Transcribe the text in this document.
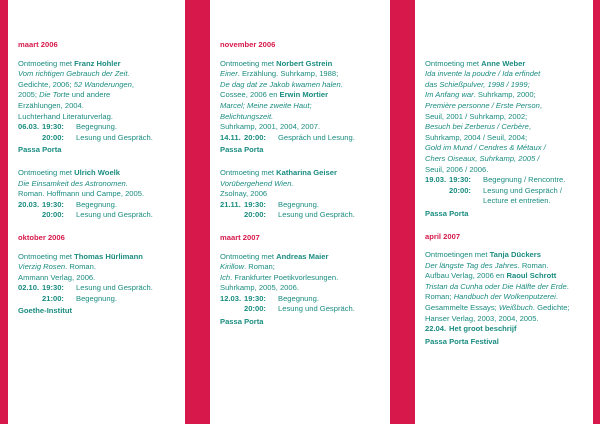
maart 2006
Ontmoeting met Franz Hohler
Vom richtigen Gebrauch der Zeit.
Gedichte, 2006; 52 Wanderungen,
2005; Die Torte und andere
Erzählungen, 2004.
Luchterhand Literaturverlag.
06.03. 19:30:	Begegnung.
20:00:	Lesung und Gespräch.
Passa Porta
Ontmoeting met Ulrich Woelk
Die Einsamkeit des Astronomen.
Roman. Hoffmann und Campe, 2005.
20.03. 19:30:	Begegnung.
20:00:	Lesung und Gespräch.
oktober 2006
Ontmoeting met Thomas Hürlimann
Vierzig Rosen. Roman.
Ammann Verlag, 2006.
02.10. 19:30:	Lesung und Gespräch.
21:00:	Begegnung.
Goethe-Institut
november 2006
Ontmoeting met Norbert Gstrein
Einer. Erzählung. Suhrkamp, 1988;
De dag dat ze Jakob kwamen halen.
Cossee, 2006 en Erwin Mortier
Marcel; Meine zweite Haut;
Belichtungszeit.
Suhrkamp, 2001, 2004, 2007.
14.11. 20:00:	Gesprách und Lesung.
Passa Porta
Ontmoeting met Katharina Geiser
Vorübergehend Wien.
Zsolnay, 2006
21.11. 19:30:	Begegnung.
20:00:	Lesung und Gespräch.
maart 2007
Ontmoeting met Andreas Maier
Kirillow. Roman;
Ich. Frankfurter Poetikvorlesungen.
Suhrkamp, 2005, 2006.
12.03. 19:30:	Begegnung.
20:00:	Lesung und Gespräch.
Passa Porta

Ontmoeting met Anne Weber
Ida invente la poudre / Ida erfindet
das Schießpulver, 1998 / 1999;
Im Anfang war. Suhrkamp, 2000;
Première personne / Erste Person,
Seuil, 2001 / Suhrkamp, 2002;
Besuch bei Zerberus / Cerbère,
Suhrkamp, 2004 / Seuil, 2004;
Gold im Mund / Cendres & Métaux /
Chers Oiseaux, Suhrkamp, 2005 /
Seuil, 2006 / 2006.
19.03. 19:30:	Begegnung / Rencontre.
20:00:	Lesung und Gespräch / Lecture et entretien.
Passa Porta
april 2007
Ontmoetingen met Tanja Dückers
Der längste Tag des Jahres. Roman.
Aufbau Verlag, 2006 en Raoul Schrott
Tristan da Cunha oder Die Hälfte der Erde.
Roman; Handbuch der Wolkenputzerei.
Gesammelte Essays; Weißbuch. Gedichte;
Hanser Verlag, 2003, 2004, 2005.
22.04. Het groot beschrijf
Passa Porta Festival
